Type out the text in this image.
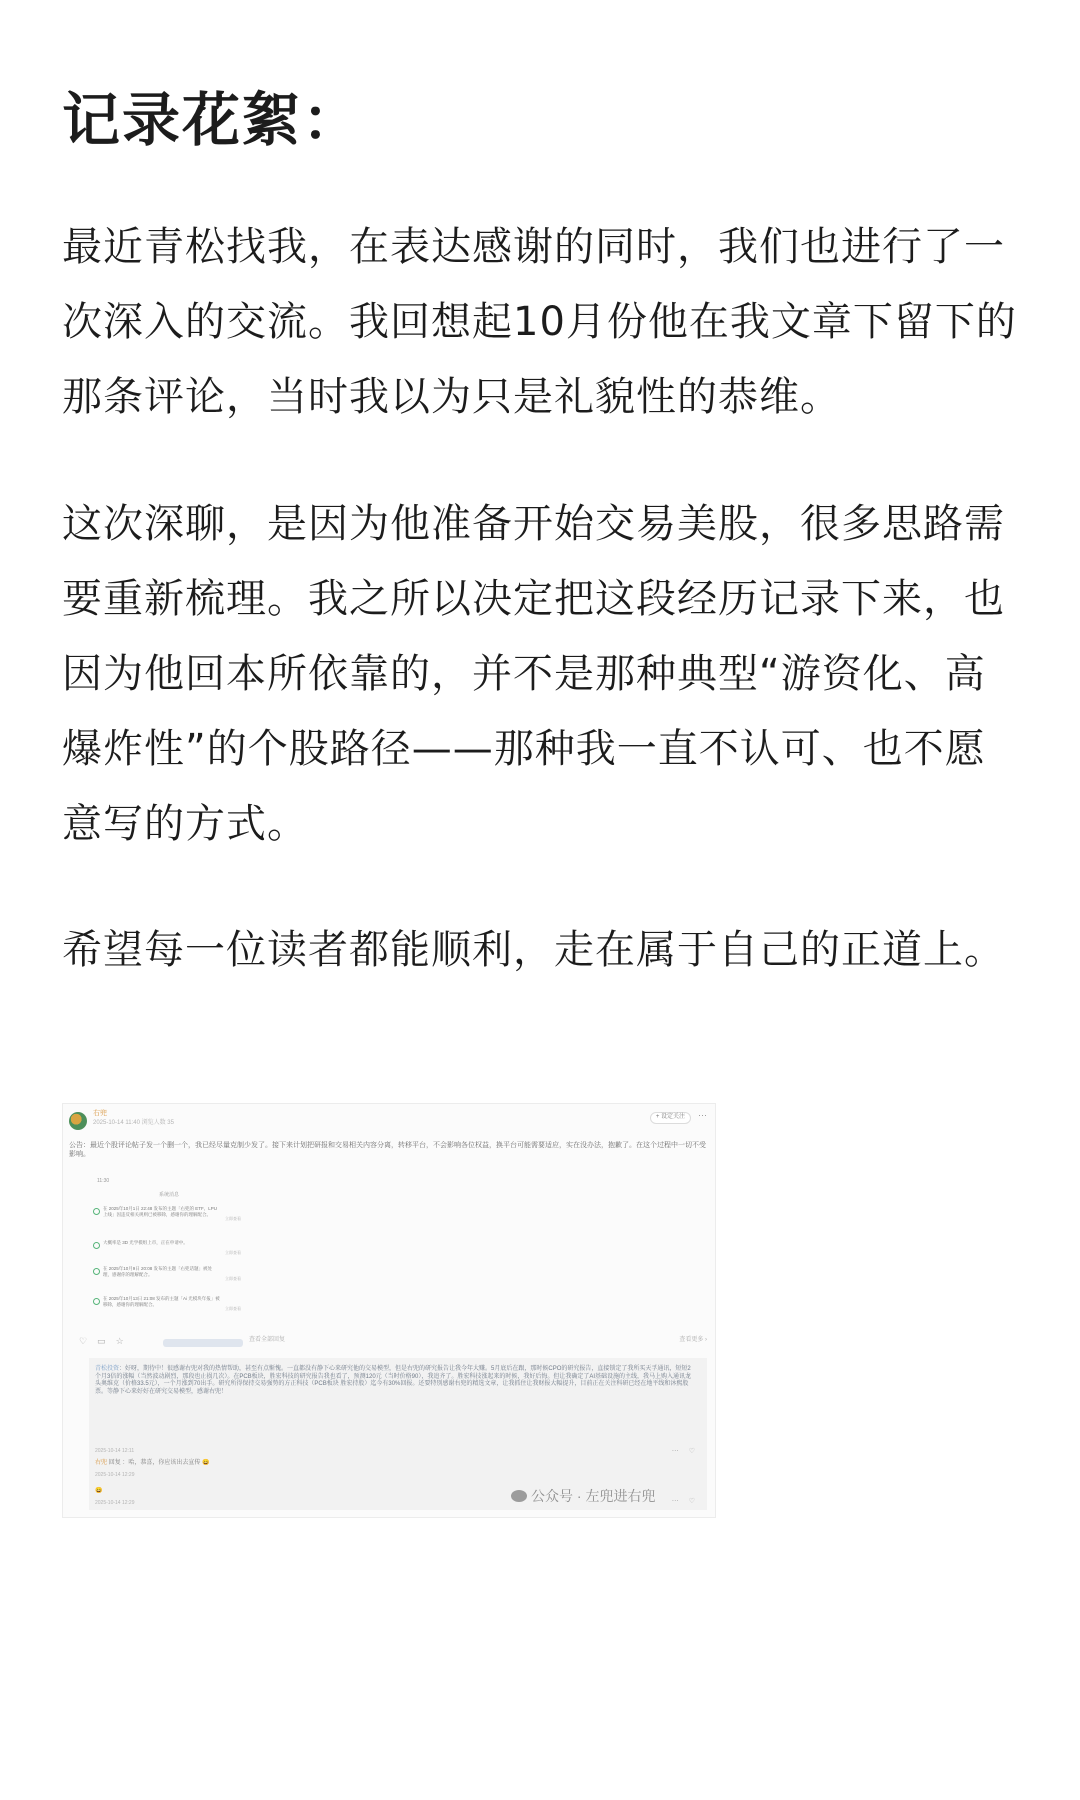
记录花絮：

最近青松找我，在表达感谢的同时，我们也进行了一次深入的交流。我回想起10月份他在我文章下留下的那条评论，当时我以为只是礼貌性的恭维。

这次深聊，是因为他准备开始交易美股，很多思路需要重新梳理。我之所以决定把这段经历记录下来，也因为他回本所依靠的，并不是那种典型“游资化、高爆炸性”的个股路径——那种我一直不认可、也不愿意写的方式。

希望每一位读者都能顺利，走在属于自己的正道上。

右兜
2025-10-14 11:40 浏览人数 35
+ 设定关注	⋯
公告：最近个股评论帖子发一个删一个，我已经尽量克制少发了。接下来计划把研报和交易相关内容分离，转移平台，不会影响各位权益，换平台可能需要适应，实在没办法，抱歉了。在这个过程中一切不受影响。
11:30
系统消息
在 2025年10月1日 22:48 发布的主题「右兜的 ETF、LPU 上线」因违反相关规则已被移除，感谢你的理解配合。
立即查看
大概率是 3D 光学模组上市，正在申请中。
立即查看
在 2025年10月9日 20:08 发布的主题「右兜话题」被处理，感谢你的理解配合。
立即查看
在 2025年10月13日 21:08 发布的主题「Ai 光模块年报」被移除，感谢你的理解配合。
立即查看
♡▭☆	查看全部回复	查看更多 ›
青松投资：好呀，期待中！很感谢右兜对我的热情帮助，甚至有点惭愧。一直都没有静下心来研究他的交易模型，但是右兜的研究报告让我今年大赚。5月底后在跟，那时候CPO的研究报告，直接锁定了我所买天孚通讯，短短2个月3倍的涨幅（当然波动剧烈，那段也止损几次）。在PCB板块，胜宏科技的研究报告我也看了，预测120元（当时价格90），我追齐了。胜宏科技涨起来的时候，我好后悔。但让我确定了AI基础设施的主线，我马上购入通讯龙头奥维克（价格33.5元），一个月涨到70出手。研究所得保持交易强势的方正科技（PCB板块 胜宏持股）迄今有30%回报。还要特别感谢右兜的精选文章，让我抓住让我财报大幅提升，目前正在关注科研已经在地平线和沐熙股票。等静下心来好好在研究交易模型，感谢右兜！
2025-10-14 12:11	⋯ ♡
右兜 回复 ：哈，恭喜，你应该出去宣传 😄
2025-10-14 12:29
😄
2025-10-14 12:29	⋯ ♡
公众号 · 左兜进右兜
